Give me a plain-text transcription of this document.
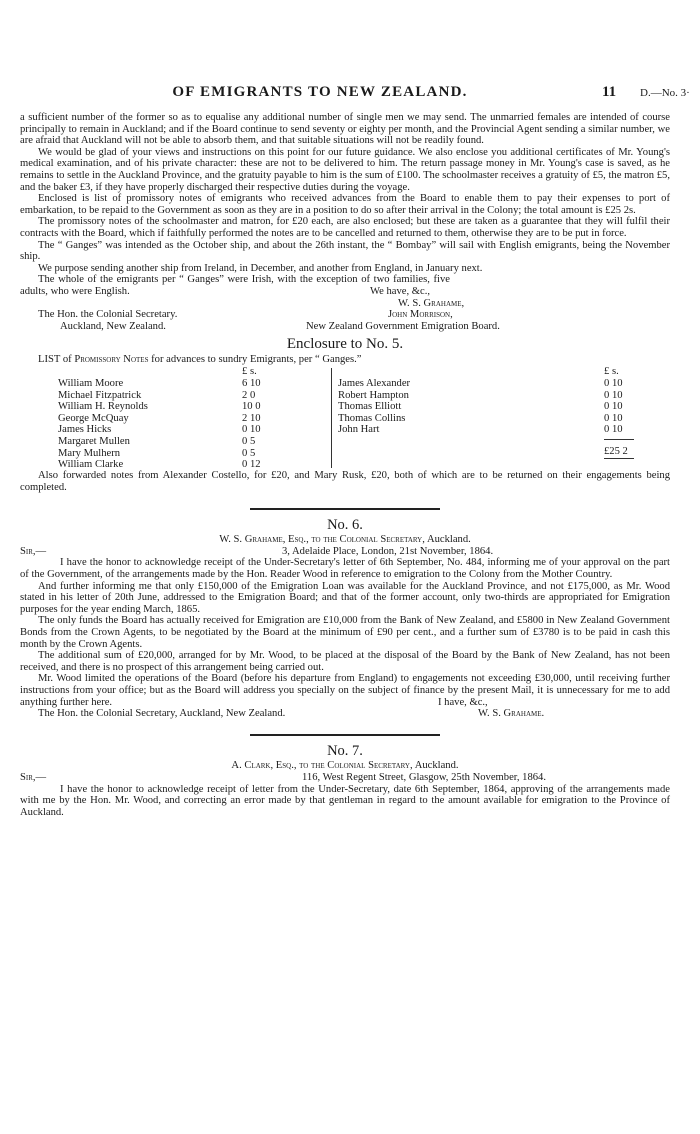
OF EMIGRANTS TO NEW ZEALAND.	11 D.—No. 3·

a sufficient number of the former so as to equalise any additional number of single men we may send. The unmarried females are intended of course principally to remain in Auckland; and if the Board continue to send seventy or eighty per month, and the Provincial Agent sending a similar number, we are afraid that Auckland will not be able to absorb them, and that suitable situations will not be readily found.

We would be glad of your views and instructions on this point for our future guidance. We also enclose you additional certificates of Mr. Young's medical examination, and of his private character: these are not to be delivered to him. The return passage money in Mr. Young's case is saved, as he remains to settle in the Auckland Province, and the gratuity payable to him is the sum of £100. The schoolmaster receives a gratuity of £5, the matron £5, and the baker £3, if they have properly discharged their respective duties during the voyage.

Enclosed is list of promissory notes of emigrants who received advances from the Board to enable them to pay their expenses to port of embarkation, to be repaid to the Government as soon as they are in a position to do so after their arrival in the Colony; the total amount is £25 2s.

The promissory notes of the schoolmaster and matron, for £20 each, are also enclosed; but these are taken as a guarantee that they will fulfil their contracts with the Board, which if faithfully performed the notes are to be cancelled and returned to them, otherwise they are to be put in force.

The “ Ganges” was intended as the October ship, and about the 26th instant, the “ Bombay” will sail with English emigrants, being the November ship.

We purpose sending another ship from Ireland, in December, and another from England, in January next.

The whole of the emigrants per “ Ganges” were Irish, with the exception of two families, five adults, who were English.	We have, &c.,
W. S. Grahame,
The Hon. the Colonial Secretary.	John Morrison,
Auckland, New Zealand.	New Zealand Government Emigration Board.
Enclosure to No. 5.
LIST of Promissory Notes for advances to sundry Emigrants, per “ Ganges.”
£ s.	£ s.
William Moore	6 10
Michael Fitzpatrick	2 0
William H. Reynolds	10 0
George McQuay	2 10
James Hicks	0 10
Margaret Mullen	0 5
Mary Mulhern	0 5
William Clarke	0 12
James Alexander	0 10
Robert Hampton	0 10
Thomas Elliott	0 10
Thomas Collins	0 10
John Hart	0 10
£25 2

Also forwarded notes from Alexander Costello, for £20, and Mary Rusk, £20, both of which are to be returned on their engagements being completed.

No. 6.
W. S. Grahame, Esq., to the Colonial Secretary, Auckland.
Sir,—	3, Adelaide Place, London, 21st November, 1864.

I have the honor to acknowledge receipt of the Under-Secretary's letter of 6th September, No. 484, informing me of your approval on the part of the Government, of the arrangements made by the Hon. Reader Wood in reference to emigration to the Colony from the Mother Country.

And further informing me that only £150,000 of the Emigration Loan was available for the Auckland Province, and not £175,000, as Mr. Wood stated in his letter of 20th June, addressed to the Emigration Board; and that of the former account, only two-thirds are appropriated for Emigration purposes for the year ending March, 1865.

The only funds the Board has actually received for Emigration are £10,000 from the Bank of New Zealand, and £5800 in New Zealand Government Bonds from the Crown Agents, to be negotiated by the Board at the minimum of £90 per cent., and a further sum of £3780 is to be paid in cash this month by the Crown Agents.

The additional sum of £20,000, arranged for by Mr. Wood, to be placed at the disposal of the Board by the Bank of New Zealand, has not been received, and there is no prospect of this arrangement being carried out.

Mr. Wood limited the operations of the Board (before his departure from England) to engagements not exceeding £30,000, until receiving further instructions from your office; but as the Board will address you specially on the subject of finance by the present Mail, it is unnecessary for me to add anything further here.	I have, &c.,
The Hon. the Colonial Secretary, Auckland, New Zealand.	W. S. Grahame.
No. 7.
A. Clark, Esq., to the Colonial Secretary, Auckland.
Sir,—	116, West Regent Street, Glasgow, 25th November, 1864.

I have the honor to acknowledge receipt of letter from the Under-Secretary, date 6th September, 1864, approving of the arrangements made with me by the Hon. Mr. Wood, and correcting an error made by that gentleman in regard to the amount available for emigration to the Province of Auckland.
